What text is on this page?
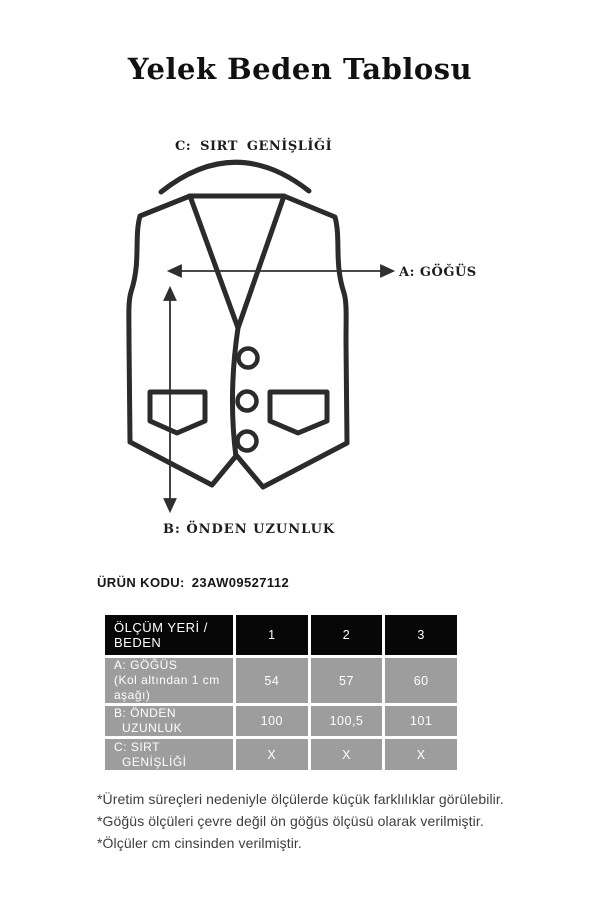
Yelek Beden Tablosu
C: SIRT GENİŞLİĞİ
A: GÖĞÜS
B: ÖNDEN UZUNLUK
ÜRÜN KODU: 23AW09527112
ÖLÇÜM YERİ / BEDEN	1	2	3

A: GÖĞÜS
(Kol altından 1 cm aşağı)	54	57	60

B: ÖNDEN
UZUNLUK	100	100,5	101

C: SIRT
GENİŞLİĞİ	X	X	X

*Üretim süreçleri nedeniyle ölçülerde küçük farklılıklar görülebilir.

*Göğüs ölçüleri çevre değil ön göğüs ölçüsü olarak verilmiştir.

*Ölçüler cm cinsinden verilmiştir.
